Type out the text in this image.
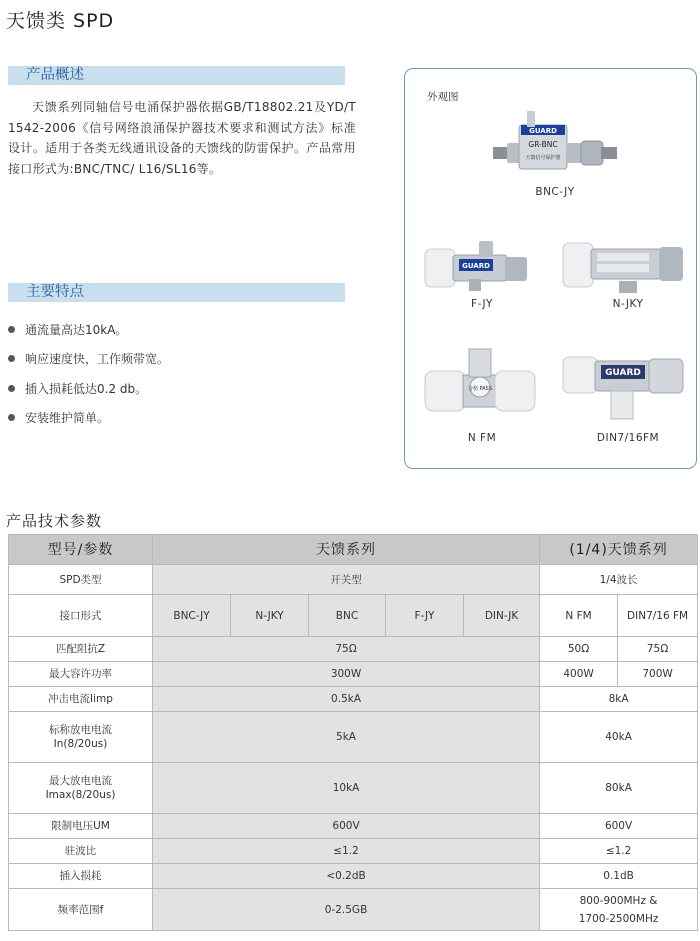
天馈类 SPD
产品概述
天馈系列同轴信号电涌保护器依据GB/T18802.21及YD/T 1542-2006《信号网络浪涌保护器技术要求和测试方法》标准设计。适用于各类无线通讯设备的天馈线的防雷保护。产品常用接口形式为:BNC/TNC/ L16/SL16等。
主要特点
通流量高达10kA。
响应速度快，工作频带宽。
插入损耗低达0.2 db。
安装维护简单。
外观图
GUARD
GR-BNC
天馈信号保护器
BNC-JY
GUARD
F-JY	N-JKY
合格 PASS
N FM
GUARD
DIN7/16FM
产品技术参数
型号/参数	天馈系列					(1/4)天馈系列	
SPD类型	开关型					1/4波长	
接口形式	BNC-JY	N-JKY	BNC	F-JY	DIN-JK	N FM	DIN7/16 FM
匹配阻抗Z	75Ω					50Ω	75Ω
最大容许功率	300W					400W	700W
冲击电流Iimp	0.5kA					8kA	

标称放电电流
In(8/20us)	5kA					40kA	

最大放电电流
Imax(8/20us)	10kA					80kA	
限制电压UM	600V					600V	
驻波比	≤1.2					≤1.2	
插入损耗	<0.2dB					0.1dB	
频率范围f	0-2.5GB					800-900MHz &
1700-2500MHz	
